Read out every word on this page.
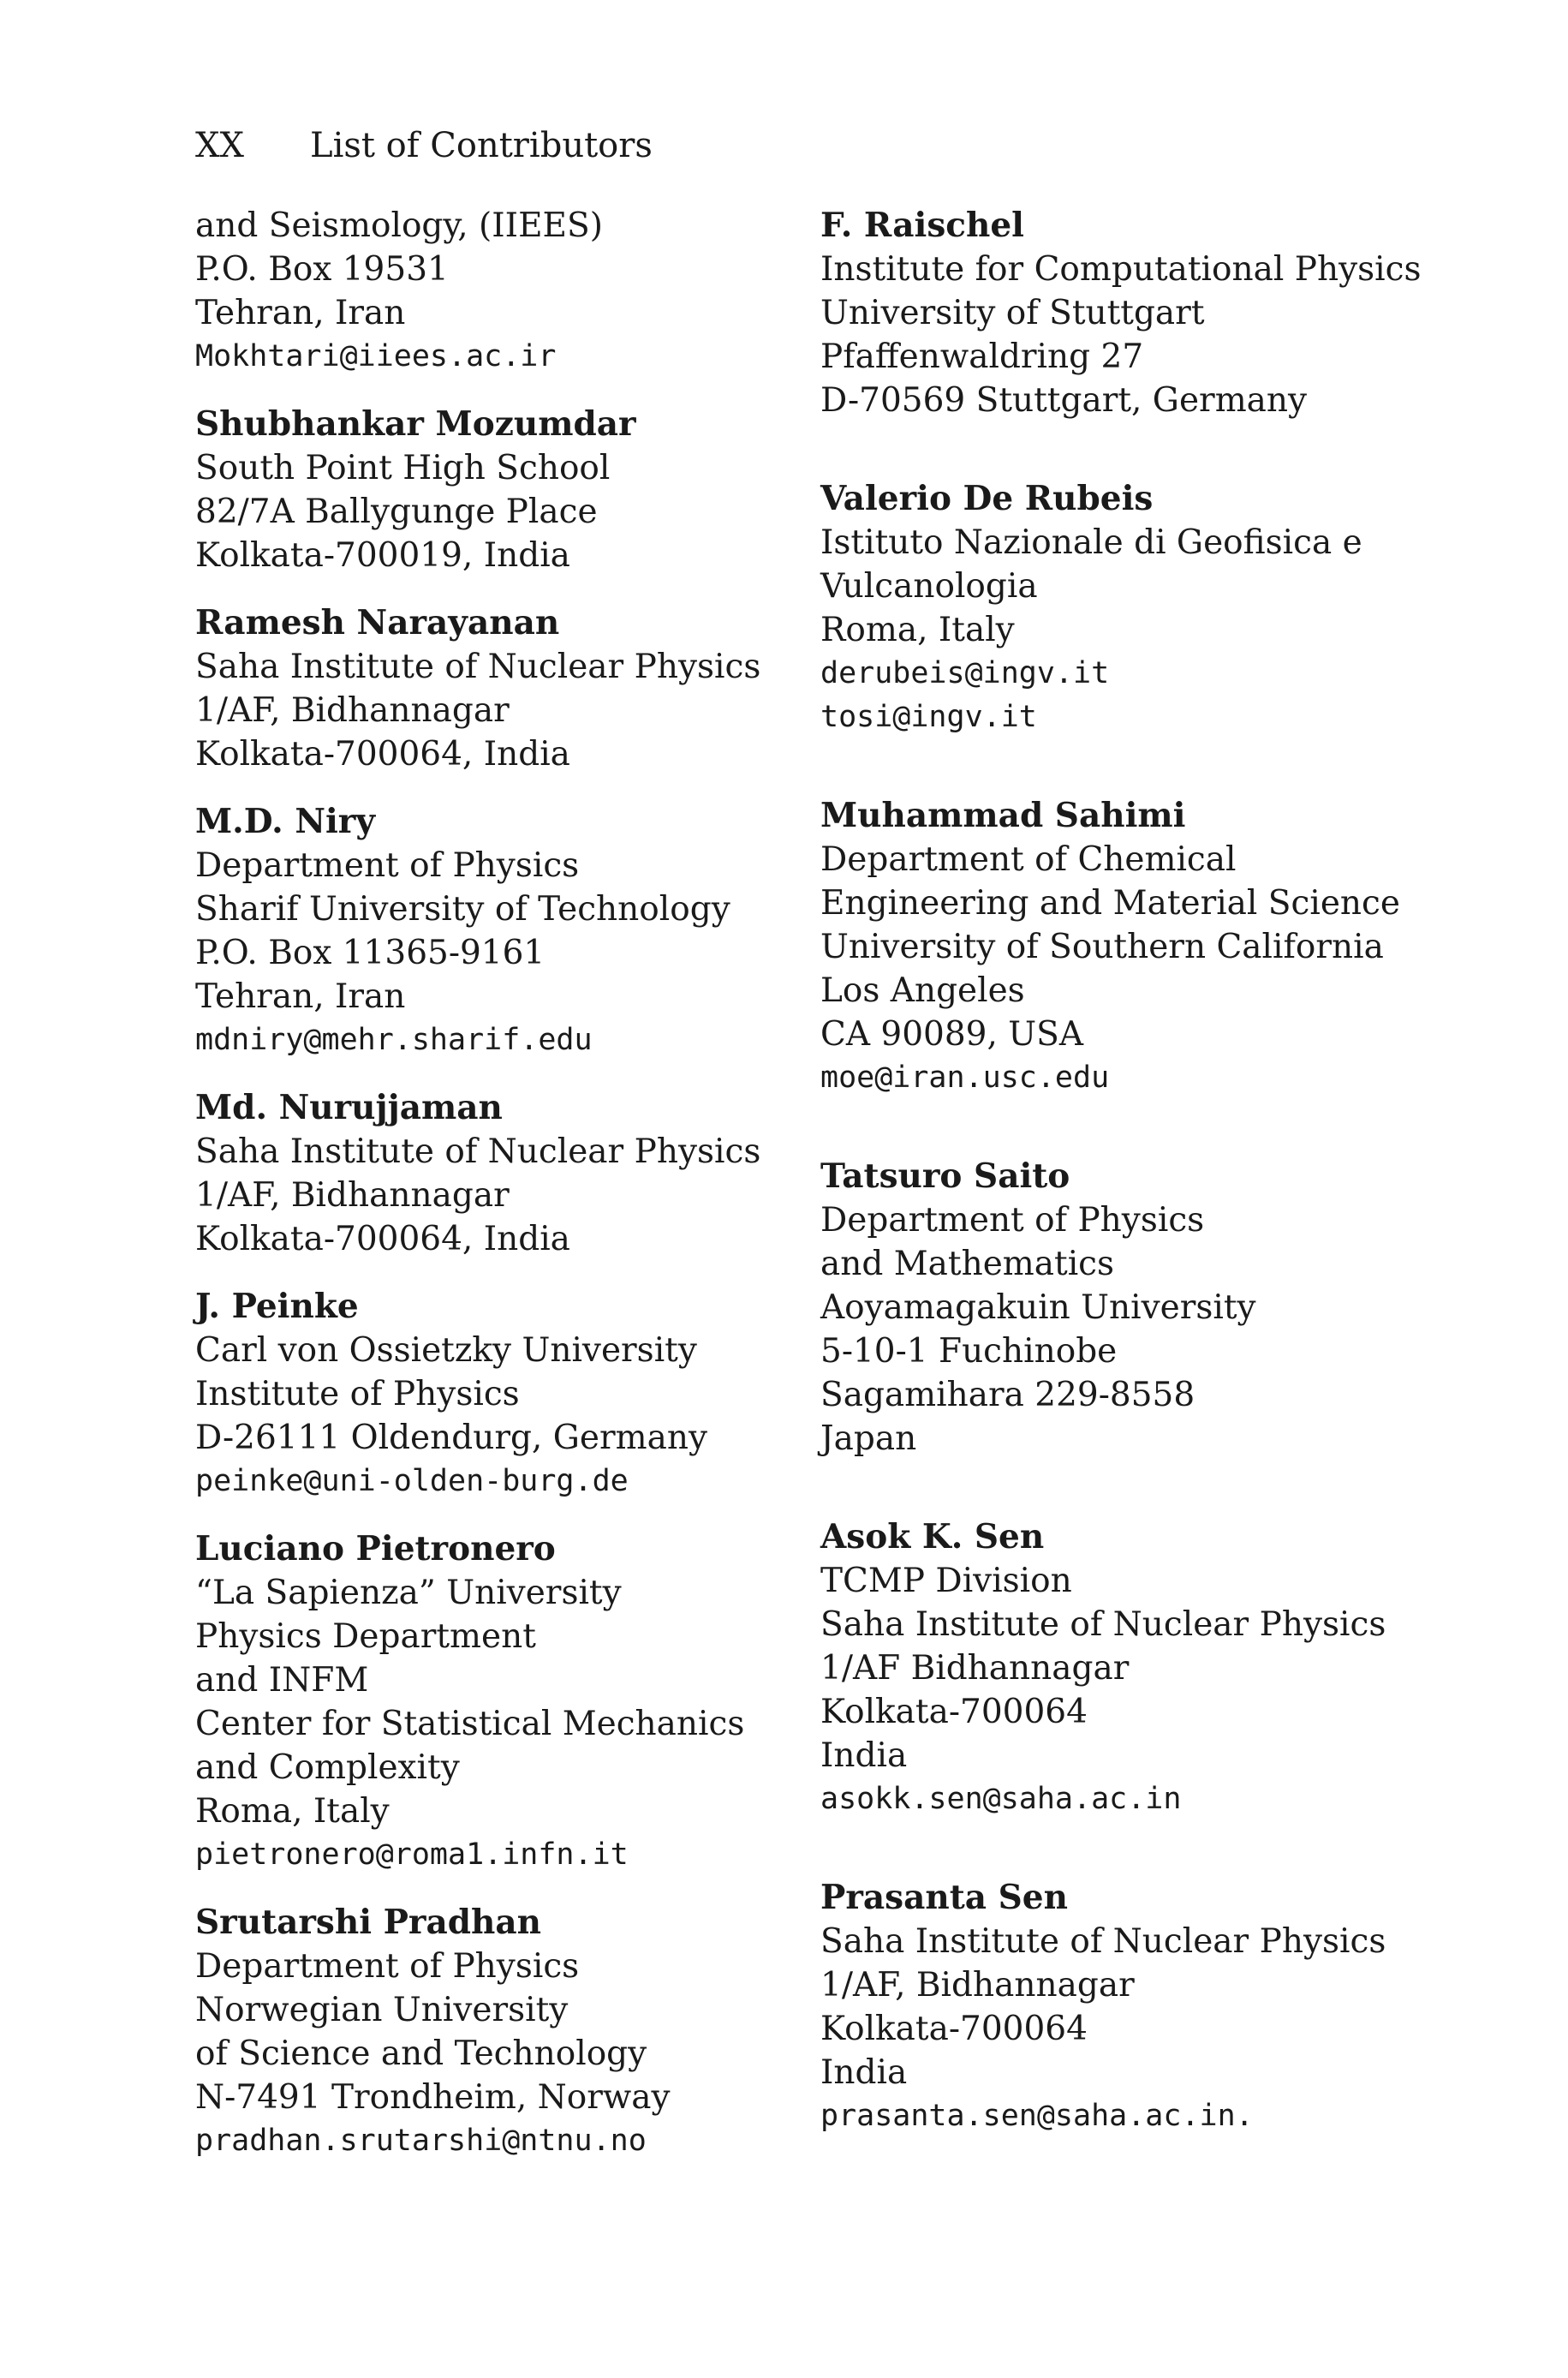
XX List of Contributors
and Seismology, (IIEES)
P.O. Box 19531
Tehran, Iran
Mokhtari@iiees.ac.ir
Shubhankar Mozumdar
South Point High School
82/7A Ballygunge Place
Kolkata-700019, India
Ramesh Narayanan
Saha Institute of Nuclear Physics
1/AF, Bidhannagar
Kolkata-700064, India
M.D. Niry
Department of Physics
Sharif University of Technology
P.O. Box 11365-9161
Tehran, Iran
mdniry@mehr.sharif.edu
Md. Nurujjaman
Saha Institute of Nuclear Physics
1/AF, Bidhannagar
Kolkata-700064, India
J. Peinke
Carl von Ossietzky University
Institute of Physics
D-26111 Oldendurg, Germany
peinke@uni-olden-burg.de
Luciano Pietronero
“La Sapienza” University
Physics Department
and INFM
Center for Statistical Mechanics
and Complexity
Roma, Italy
pietronero@roma1.infn.it
Srutarshi Pradhan
Department of Physics
Norwegian University
of Science and Technology
N-7491 Trondheim, Norway
pradhan.srutarshi@ntnu.no
F. Raischel
Institute for Computational Physics
University of Stuttgart
Pfaffenwaldring 27
D-70569 Stuttgart, Germany
Valerio De Rubeis
Istituto Nazionale di Geofisica e
Vulcanologia
Roma, Italy
derubeis@ingv.it
tosi@ingv.it
Muhammad Sahimi
Department of Chemical
Engineering and Material Science
University of Southern California
Los Angeles
CA 90089, USA
moe@iran.usc.edu
Tatsuro Saito
Department of Physics
and Mathematics
Aoyamagakuin University
5-10-1 Fuchinobe
Sagamihara 229-8558
Japan
Asok K. Sen
TCMP Division
Saha Institute of Nuclear Physics
1/AF Bidhannagar
Kolkata-700064
India
asokk.sen@saha.ac.in
Prasanta Sen
Saha Institute of Nuclear Physics
1/AF, Bidhannagar
Kolkata-700064
India
prasanta.sen@saha.ac.in.
